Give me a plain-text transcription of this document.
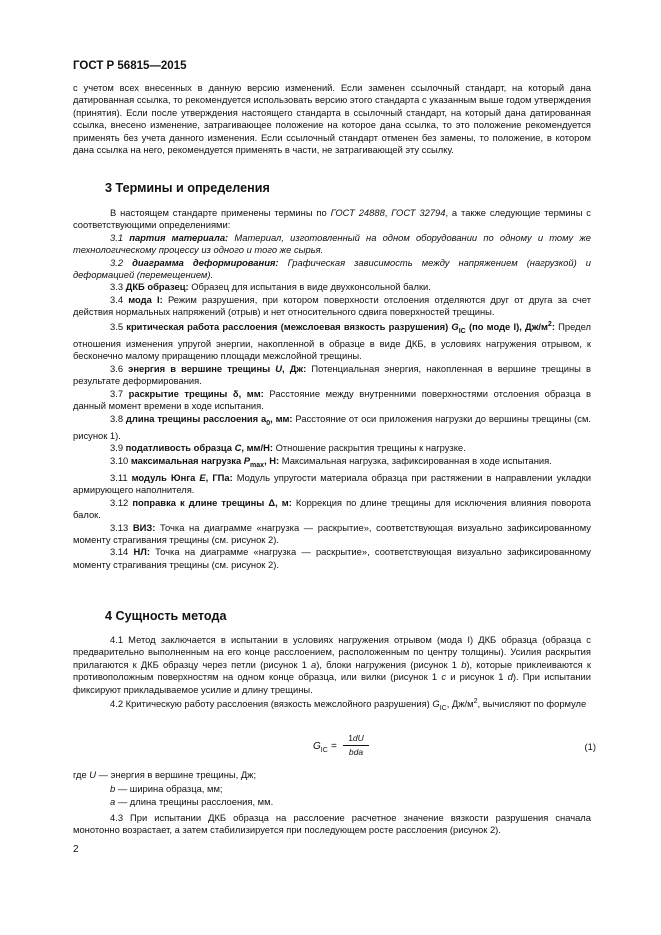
ГОСТ Р 56815—2015

с учетом всех внесенных в данную версию изменений. Если заменен ссылочный стандарт, на который дана датированная ссылка, то рекомендуется использовать версию этого стандарта с указанным выше годом утверждения (принятия). Если после утверждения настоящего стандарта в ссылочный стандарт, на который дана датированная ссылка, внесено изменение, затрагивающее положение на которое дана ссылка, то это положение рекомендуется применять без учета данного изменения. Если ссылочный стандарт отменен без замены, то положение, в котором дана ссылка на него, рекомендуется применять в части, не затрагивающей эту ссылку.

3 Термины и определения

В настоящем стандарте применены термины по ГОСТ 24888, ГОСТ 32794, а также следующие термины с соответствующими определениями:

3.1 партия материала: Материал, изготовленный на одном оборудовании по одному и тому же технологическому процессу из одного и того же сырья.

3.2 диаграмма деформирования: Графическая зависимость между напряжением (нагрузкой) и деформацией (перемещением).

3.3 ДКБ образец: Образец для испытания в виде двухконсольной балки.

3.4 мода I: Режим разрушения, при котором поверхности отслоения отделяются друг от друга за счет действия нормальных напряжений (отрыв) и нет относительного сдвига поверхностей трещины.

3.5 критическая работа расслоения (межслоевая вязкость разрушения) $G_{IC}$ (по моде I), $Дж/м^2$: Предел отношения изменения упругой энергии, накопленной в образце в виде ДКБ, в условиях нагружения отрывом, к бесконечно малому приращению площади межслойной трещины.

3.6 энергия в вершине трещины U, Дж: Потенциальная энергия, накопленная в вершине трещины в результате деформирования.

3.7 раскрытие трещины δ, мм: Расстояние между внутренними поверхностями отслоения образца в данный момент времени в ходе испытания.

3.8 длина трещины расслоения $а_0$, мм: Расстояние от оси приложения нагрузки до вершины трещины (см. рисунок 1).

3.9 податливость образца С, мм/Н: Отношение раскрытия трещины к нагрузке.

3.10 максимальная нагрузка $P_{max}$, Н: Максимальная нагрузка, зафиксированная в ходе испытания.

3.11 модуль Юнга E, ГПа: Модуль упругости материала образца при растяжении в направлении укладки армирующего наполнителя.

3.12 поправка к длине трещины Δ, м: Коррекция по длине трещины для исключения влияния поворота балок.

3.13 ВИЗ: Точка на диаграмме «нагрузка — раскрытие», соответствующая визуально зафиксированному моменту страгивания трещины (см. рисунок 2).

3.14 НЛ: Точка на диаграмме «нагрузка — раскрытие», соответствующая визуально зафиксированному моменту страгивания трещины (см. рисунок 2).

4 Сущность метода

4.1 Метод заключается в испытании в условиях нагружения отрывом (мода I) ДКБ образца (образца с предварительно выполненным на его конце расслоением, расположенным по центру толщины). Усилия раскрытия прилагаются к ДКБ образцу через петли (рисунок 1 a), блоки нагружения (рисунок 1 b), которые приклеиваются к противоположным поверхностям на одном конце образца, или вилки (рисунок 1 c и рисунок 1 d). При испытании фиксируют прикладываемое усилие и длину трещины.

4.2 Критическую работу расслоения (вязкость межслойного разрушения) $G_{IC}$, $Дж/м^2$, вычисляют по формуле

$G_{IC}$ =
1dU
bda	(1)

где U — энергия в вершине трещины, Дж;

b — ширина образца, мм;

a — длина трещины расслоения, мм.

4.3 При испытании ДКБ образца на расслоение расчетное значение вязкости разрушения сначала монотонно возрастает, а затем стабилизируется при последующем росте расслоения (рисунок 2).

2
